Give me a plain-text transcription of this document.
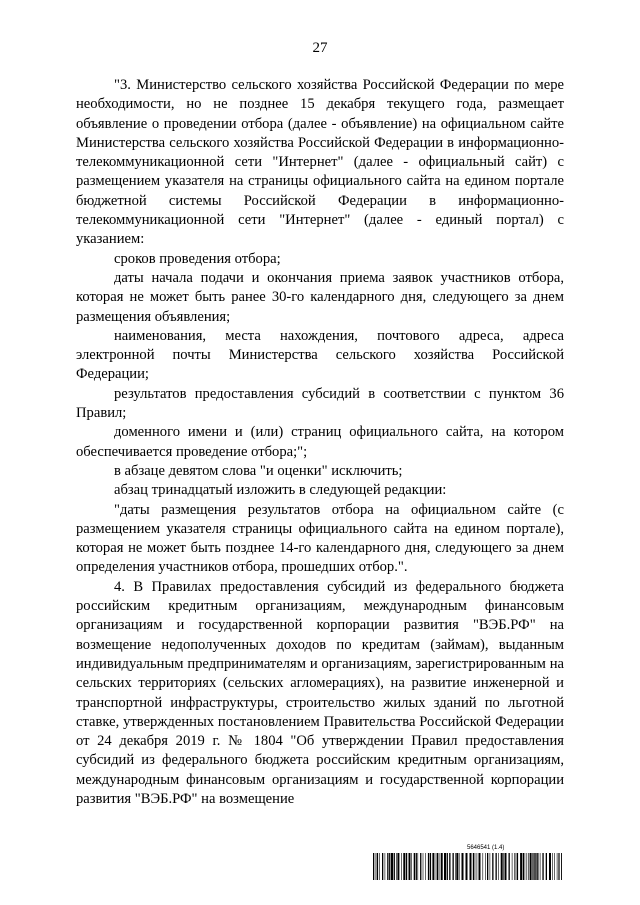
27

"3. Министерство сельского хозяйства Российской Федерации по мере необходимости, но не позднее 15 декабря текущего года, размещает объявление о проведении отбора (далее - объявление) на официальном сайте Министерства сельского хозяйства Российской Федерации в информационно-телекоммуникационной сети "Интернет" (далее - официальный сайт) с размещением указателя на страницы официального сайта на едином портале бюджетной системы Российской Федерации в информационно-телекоммуникационной сети "Интернет" (далее - единый портал) с указанием:

сроков проведения отбора;

даты начала подачи и окончания приема заявок участников отбора, которая не может быть ранее 30-го календарного дня, следующего за днем размещения объявления;

наименования, места нахождения, почтового адреса, адреса электронной почты Министерства сельского хозяйства Российской Федерации;

результатов предоставления субсидий в соответствии с пунктом 36 Правил;

доменного имени и (или) страниц официального сайта, на котором обеспечивается проведение отбора;";

в абзаце девятом слова "и оценки" исключить;

абзац тринадцатый изложить в следующей редакции:

"даты размещения результатов отбора на официальном сайте (с размещением указателя страницы официального сайта на едином портале), которая не может быть позднее 14-го календарного дня, следующего за днем определения участников отбора, прошедших отбор.".

4. В Правилах предоставления субсидий из федерального бюджета российским кредитным организациям, международным финансовым организациям и государственной корпорации развития "ВЭБ.РФ" на возмещение недополученных доходов по кредитам (займам), выданным индивидуальным предпринимателям и организациям, зарегистрированным на сельских территориях (сельских агломерациях), на развитие инженерной и транспортной инфраструктуры, строительство жилых зданий по льготной ставке, утвержденных постановлением Правительства Российской Федерации от 24 декабря 2019 г. № 1804 "Об утверждении Правил предоставления субсидий из федерального бюджета российским кредитным организациям, международным финансовым организациям и государственной корпорации развития "ВЭБ.РФ" на возмещение

5646541 (1.4)
